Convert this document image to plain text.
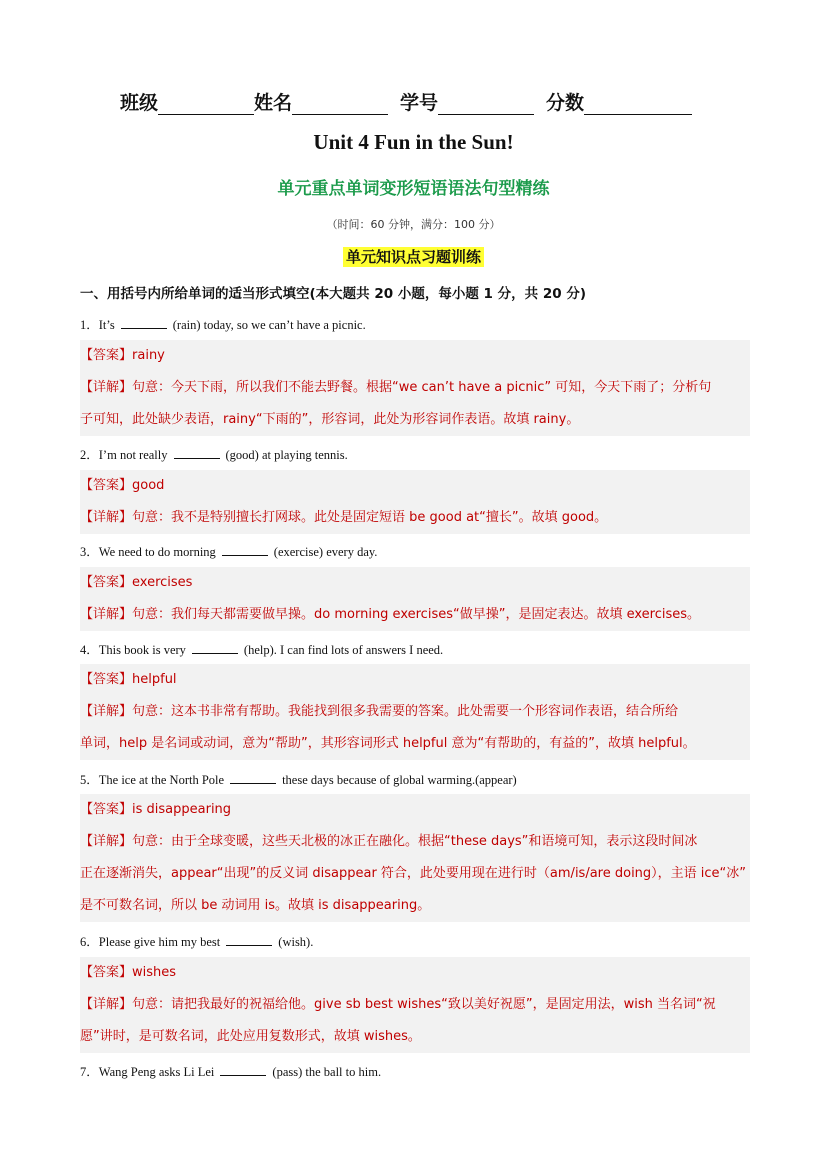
班级	姓名	学号	分数
Unit 4 Fun in the Sun!
单元重点单词变形短语语法句型精练
（时间：60 分钟，满分：100 分）
单元知识点习题训练
一、用括号内所给单词的适当形式填空(本大题共 20 小题，每小题 1 分，共 20 分)
1．It’s	(rain) today, so we can’t have a picnic.
【答案】rainy
【详解】句意：今天下雨，所以我们不能去野餐。根据“we can’t have a picnic” 可知，今天下雨了；分析句
子可知，此处缺少表语，rainy“下雨的”，形容词，此处为形容词作表语。故填 rainy。
2．I’m not really	(good) at playing tennis.
【答案】good
【详解】句意：我不是特别擅长打网球。此处是固定短语 be good at“擅长”。故填 good。
3．We need to do morning	(exercise) every day.
【答案】exercises
【详解】句意：我们每天都需要做早操。do morning exercises“做早操”，是固定表达。故填 exercises。
4．This book is very	(help). I can find lots of answers I need.
【答案】helpful
【详解】句意：这本书非常有帮助。我能找到很多我需要的答案。此处需要一个形容词作表语，结合所给
单词，help 是名词或动词，意为“帮助”，其形容词形式 helpful 意为“有帮助的，有益的”，故填 helpful。
5．The ice at the North Pole	these days because of global warming.(appear)
【答案】is disappearing
【详解】句意：由于全球变暖，这些天北极的冰正在融化。根据“these days”和语境可知，表示这段时间冰
正在逐渐消失，appear“出现”的反义词 disappear 符合，此处要用现在进行时（am/is/are doing），主语 ice“冰”
是不可数名词，所以 be 动词用 is。故填 is disappearing。
6．Please give him my best	(wish).
【答案】wishes
【详解】句意：请把我最好的祝福给他。give sb best wishes“致以美好祝愿”，是固定用法，wish 当名词“祝
愿”讲时，是可数名词，此处应用复数形式，故填 wishes。
7．Wang Peng asks Li Lei	(pass) the ball to him.
